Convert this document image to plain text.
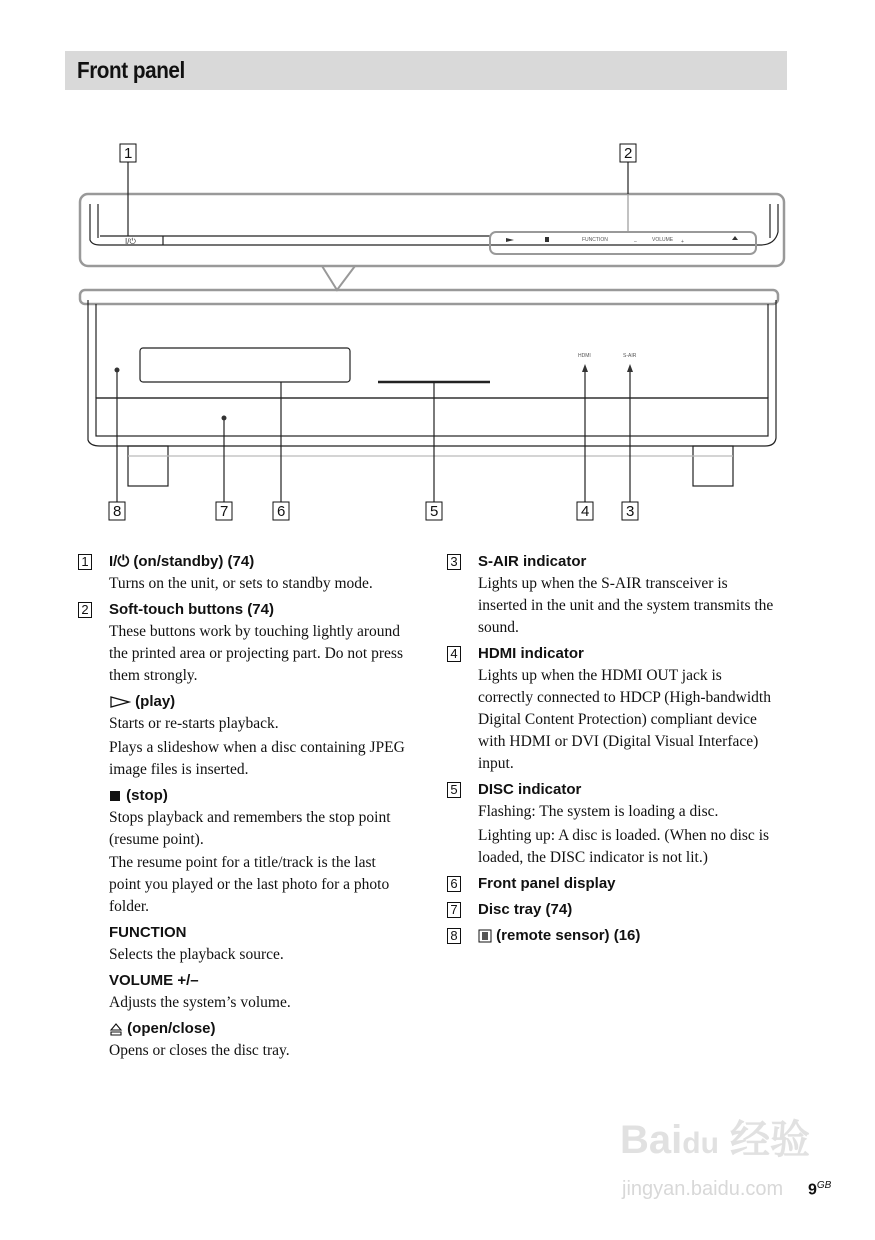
Front panel
I/⏻	FUNCTION	–	VOLUME +
HDMI	S-AIR
1	2
8	7	6	5	4 3
1 I/⏻ (on/standby) (74)
Turns on the unit, or sets to standby mode.
2 Soft-touch buttons (74)
These buttons work by touching lightly around the printed area or projecting part. Do not press them strongly.
(play)
Starts or re-starts playback.
Plays a slideshow when a disc containing JPEG image files is inserted.
(stop)
Stops playback and remembers the stop point (resume point).
The resume point for a title/track is the last point you played or the last photo for a photo folder.
FUNCTION
Selects the playback source.
VOLUME +/–
Adjusts the system’s volume.
(open/close)
Opens or closes the disc tray.
3 S-AIR indicator
Lights up when the S-AIR transceiver is inserted in the unit and the system transmits the sound.
4 HDMI indicator
Lights up when the HDMI OUT jack is correctly connected to HDCP (High-bandwidth Digital Content Protection) compliant device with HDMI or DVI (Digital Visual Interface) input.
5 DISC indicator
Flashing: The system is loading a disc.
Lighting up: A disc is loaded. (When no disc is loaded, the DISC indicator is not lit.)
6 Front panel display
7 Disc tray (74)
8	(remote sensor) (16)
Baidu 经验
jingyan.baidu.com $9^{GB}$
